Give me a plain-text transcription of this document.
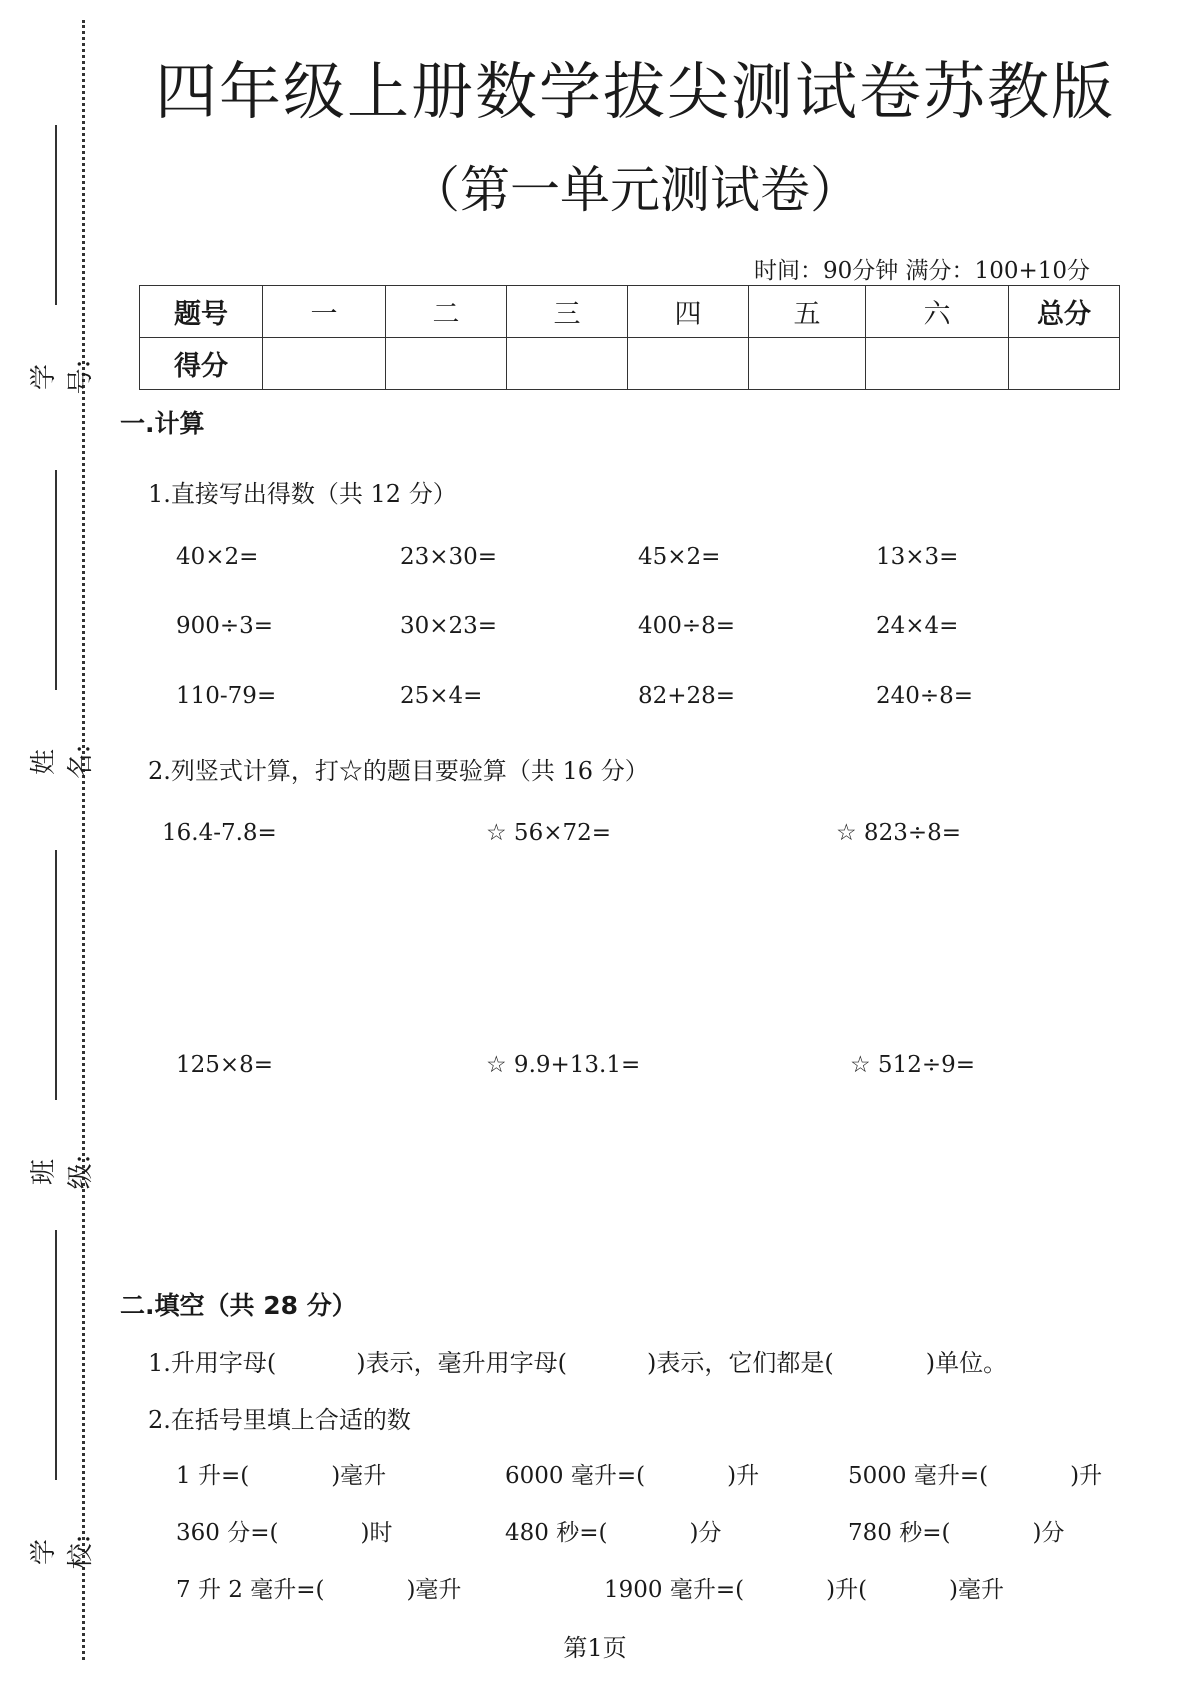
学号:
姓名:
班级:
学校:
四年级上册数学拔尖测试卷苏教版
（第一单元测试卷）
时间：90分钟 满分：100+10分
题号	一	二	三	四	五	六	总分
得分							
一.计算
1.直接写出得数（共 12 分）
40×2=	23×30=	45×2=	13×3=
900÷3=	30×23=	400÷8=	24×4=
110-79=	25×4=	82+28=	240÷8=
2.列竖式计算，打☆的题目要验算（共 16 分）
16.4-7.8=	☆ 56×72=	☆ 823÷8=
125×8=	☆ 9.9+13.1=	☆ 512÷9=
二.填空（共 28 分）
1.升用字母(	)表示，毫升用字母(	)表示，它们都是(	)单位。
2.在括号里填上合适的数
1 升=(	)毫升	6000 毫升=(	)升	5000 毫升=(	)升
360 分=(	)时	480 秒=(	)分	780 秒=(	)分
7 升 2 毫升=(	)毫升	1900 毫升=(	)升(	)毫升
第1页
